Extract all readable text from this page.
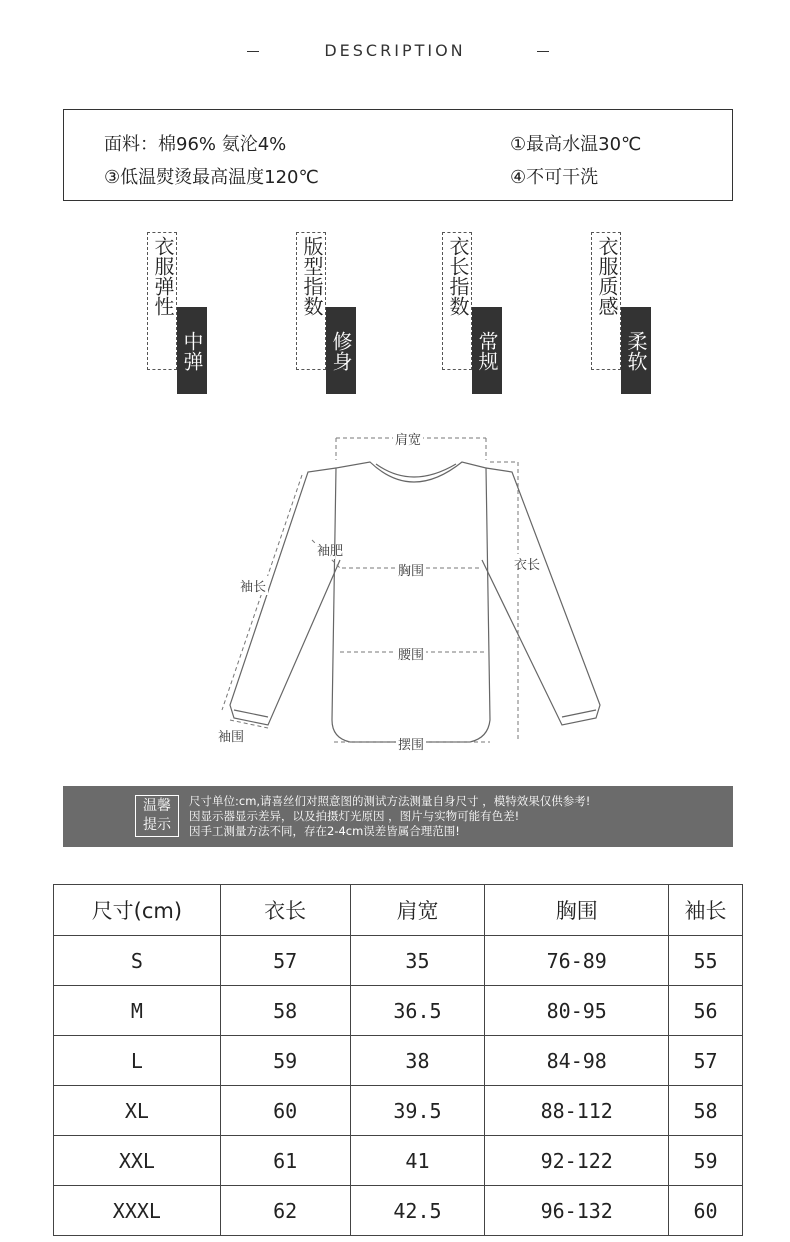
DESCRIPTION
面料：棉96% 氨沦4%	①最高水温30℃
③低温熨烫最高温度120℃	④不可干洗
衣服弹性
中弹
版型指数
修身
衣长指数
常规
衣服质感
柔软
肩宽
袖肥
胸围	衣长
袖长
腰围
袖围
摆围
温馨
提示
尺寸单位:cm,请喜丝们对照意图的测试方法测量自身尺寸 ，模特效果仅供参考!
因显示器显示差异，以及拍摄灯光原因 ，图片与实物可能有色差!
因手工测量方法不同，存在2-4cm误差皆属合理范围!
尺寸(cm)	衣长	肩宽	胸围	袖长
S	57	35	76-89	55
M	58	36.5	80-95	56
L	59	38	84-98	57
XL	60	39.5	88-112	58
XXL	61	41	92-122	59
XXXL	62	42.5	96-132	60
